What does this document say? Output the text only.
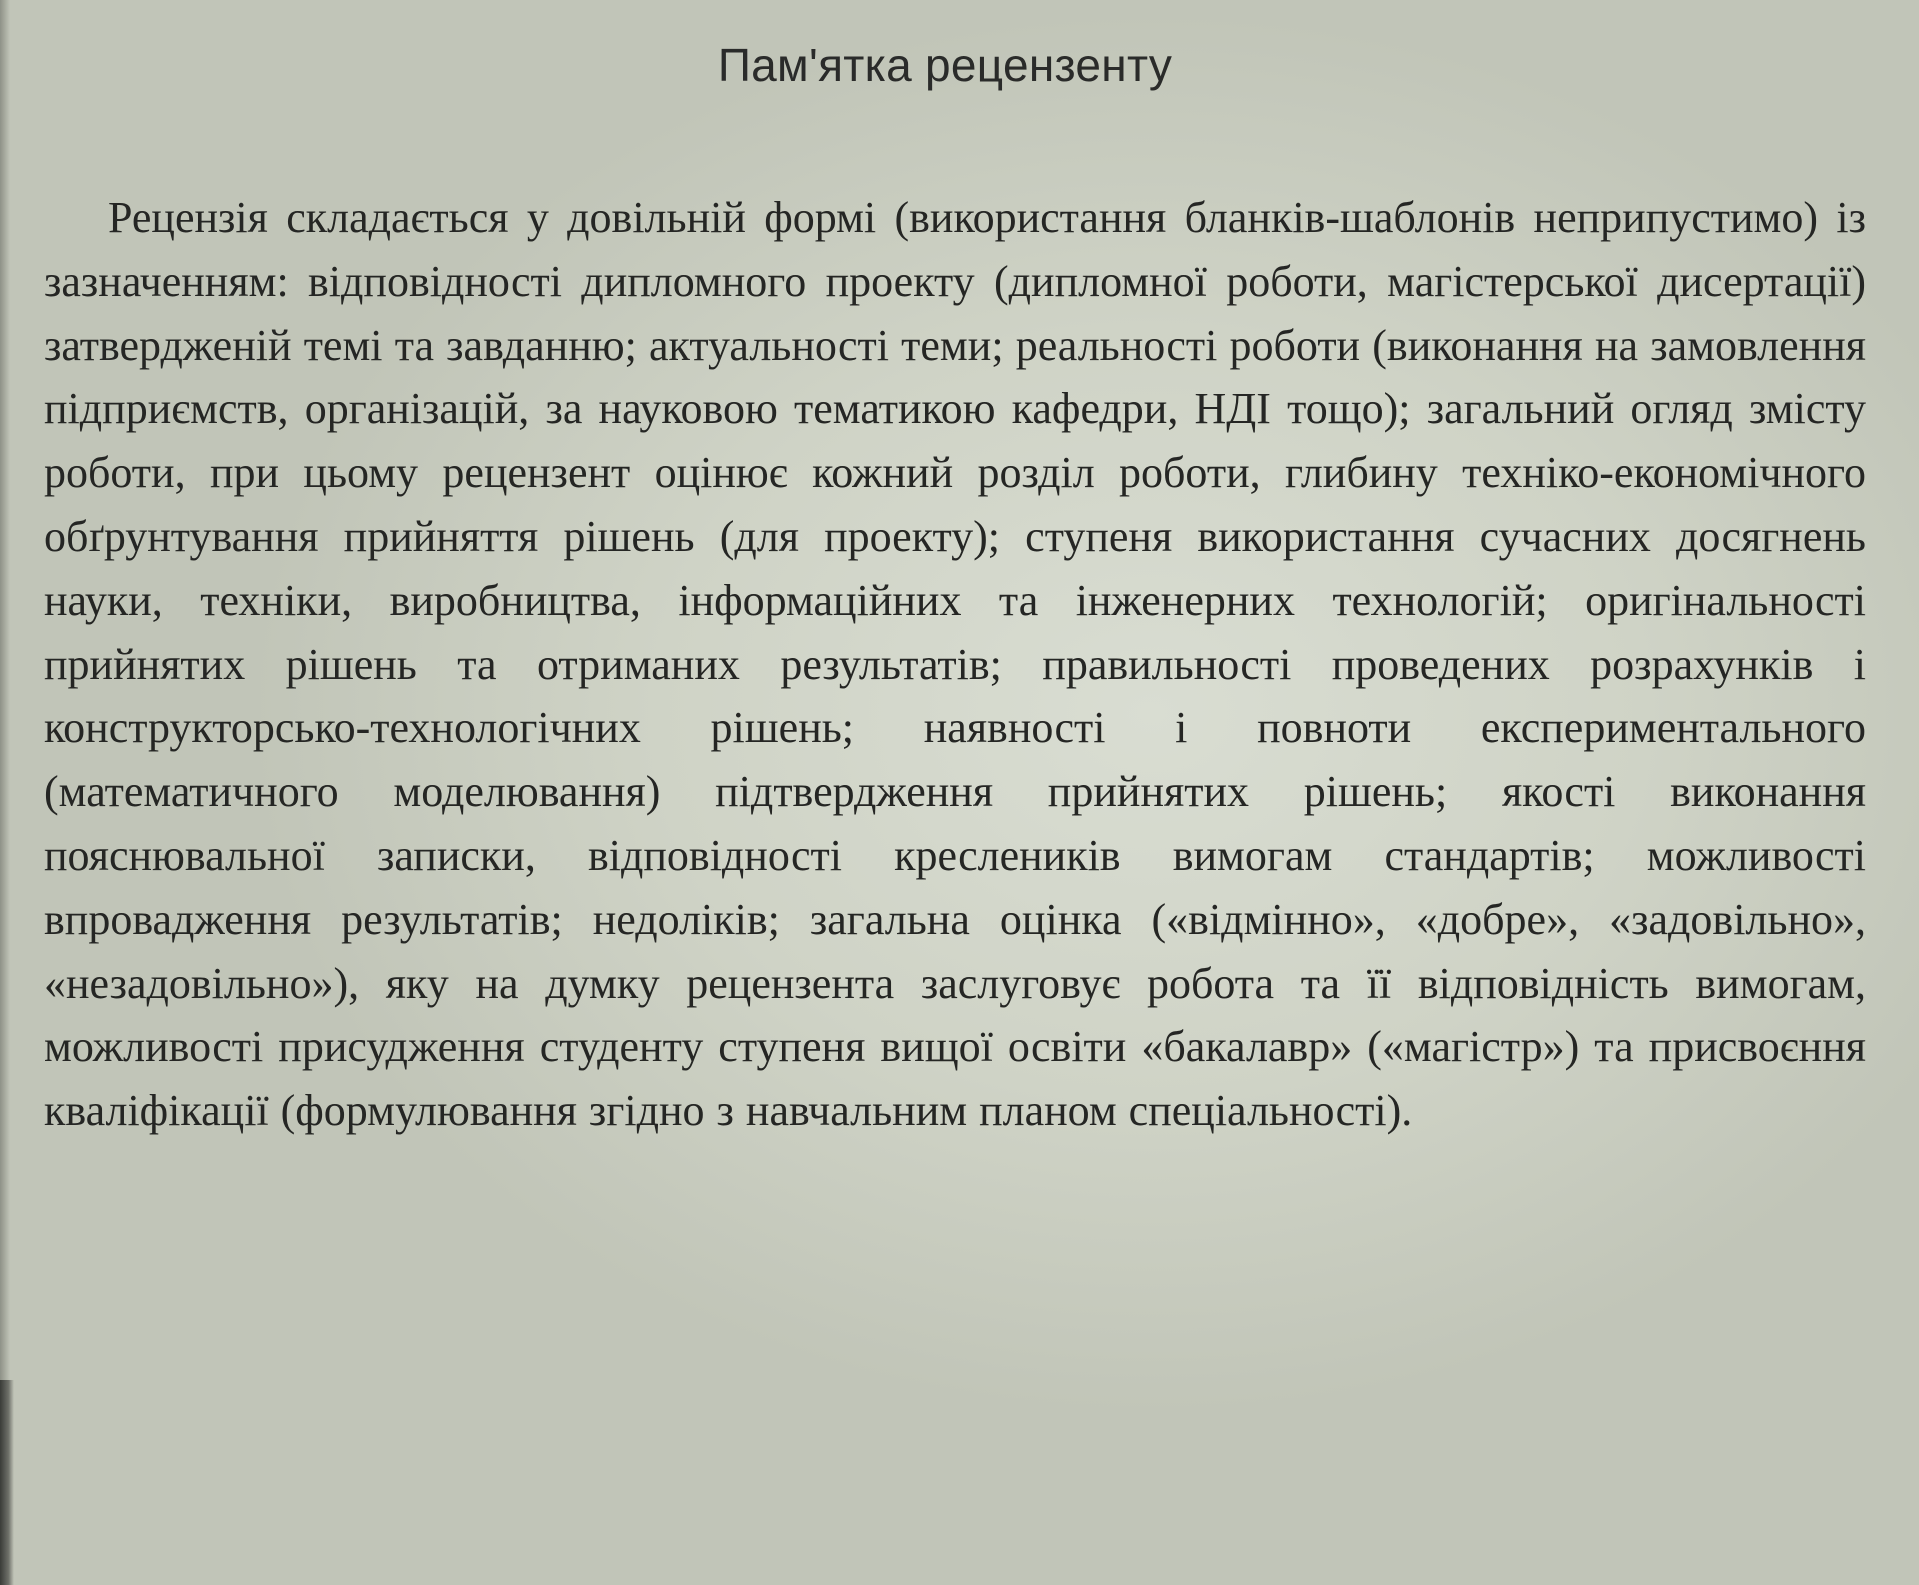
Пам'ятка рецензенту

Рецензія складається у довільній формі (використання бланків-шаблонів неприпустимо) із зазначенням: відповідності дипломного проекту (дипломної роботи, магістерської дисертації) затвердженій темі та завданню; актуальності теми; реальності роботи (виконання на замовлення підприємств, організацій, за науковою тематикою кафедри, НДІ тощо); загальний огляд змісту роботи, при цьому рецензент оцінює кожний розділ роботи, глибину техніко-економічного обґрунтування прийняття рішень (для проекту); ступеня використання сучасних досягнень науки, техніки, виробництва, інформаційних та інженерних технологій; оригінальності прийнятих рішень та отриманих результатів; правильності проведених розрахунків і конструкторсько-технологічних рішень; наявності і повноти експериментального (математичного моделювання) підтвердження прийнятих рішень; якості виконання пояснювальної записки, відповідності креслеників вимогам стандартів; можливості впровадження результатів; недоліків; загальна оцінка («відмінно», «добре», «задовільно», «незадовільно»), яку на думку рецензента заслуговує робота та її відповідність вимогам, можливості присудження студенту ступеня вищої освіти «бакалавр» («магістр») та присвоєння кваліфікації (формулювання згідно з навчальним планом спеціальності).
